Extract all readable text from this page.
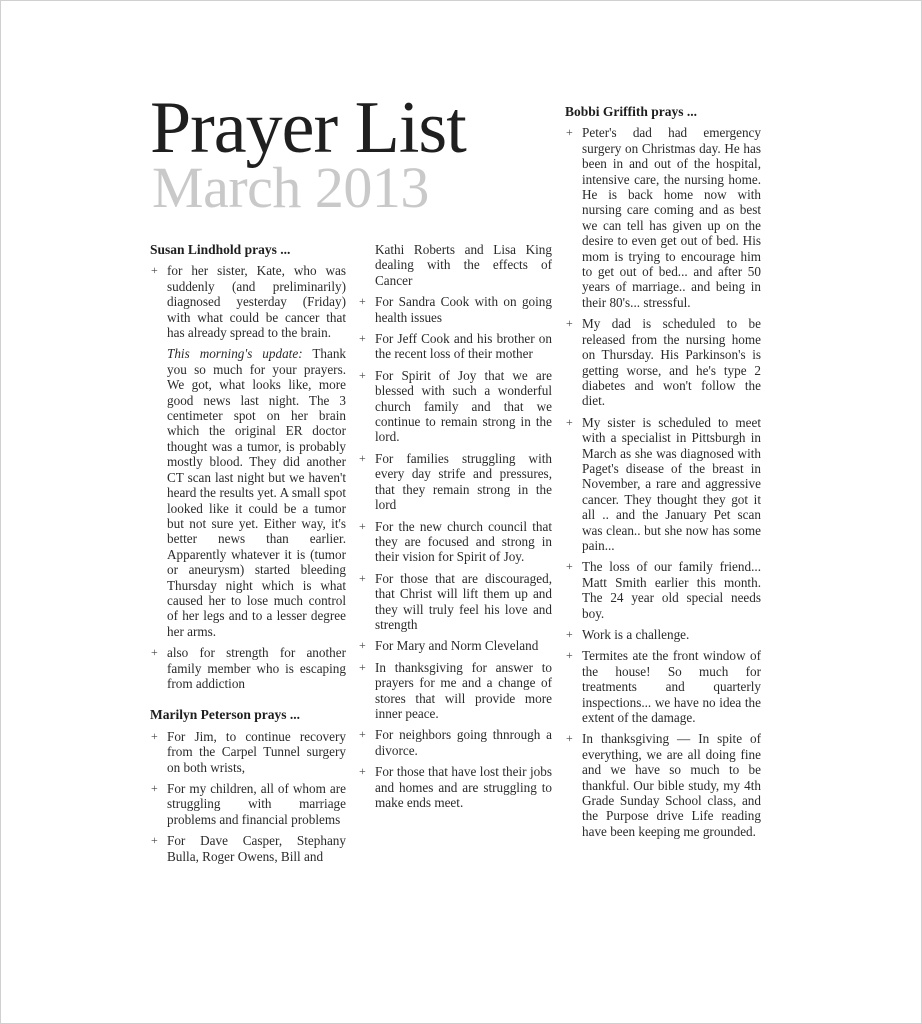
Prayer List
March 2013
Susan Lindhold prays ...
+ for her sister, Kate, who was suddenly (and preliminarily) diagnosed yesterday (Friday) with what could be cancer that has already spread to the brain.
This morning's update: Thank you so much for your prayers. We got, what looks like, more good news last night. The 3 centimeter spot on her brain which the original ER doctor thought was a tumor, is probably mostly blood. They did another CT scan last night but we haven't heard the results yet. A small spot looked like it could be a tumor but not sure yet. Either way, it's better news than earlier. Apparently whatever it is (tumor or aneurysm) started bleeding Thursday night which is what caused her to lose much control of her legs and to a lesser degree her arms.
+ also for strength for another family member who is escaping from addiction
Marilyn Peterson prays ...
+ For Jim, to continue recovery from the Carpel Tunnel surgery on both wrists,
+ For my children, all of whom are struggling with marriage problems and financial problems
+ For Dave Casper, Stephany Bulla, Roger Owens, Bill and
Kathi Roberts and Lisa King dealing with the effects of Cancer
+ For Sandra Cook with on going health issues
+ For Jeff Cook and his brother on the recent loss of their mother
+ For Spirit of Joy that we are blessed with such a wonderful church family and that we continue to remain strong in the lord.
+ For families struggling with every day strife and pressures, that they remain strong in the lord
+ For the new church council that they are focused and strong in their vision for Spirit of Joy.
+ For those that are discouraged, that Christ will lift them up and they will truly feel his love and strength
+ For Mary and Norm Cleveland
+ In thanksgiving for answer to prayers for me and a change of stores that will provide more inner peace.
+ For neighbors going thnrough a divorce.
+ For those that have lost their jobs and homes and are struggling to make ends meet.
Bobbi Griffith prays ...
+ Peter's dad had emergency surgery on Christmas day. He has been in and out of the hospital, intensive care, the nursing home. He is back home now with nursing care coming and as best we can tell has given up on the desire to even get out of bed. His mom is trying to encourage him to get out of bed... and after 50 years of marriage.. and being in their 80's... stressful.
+ My dad is scheduled to be released from the nursing home on Thursday. His Parkinson's is getting worse, and he's type 2 diabetes and won't follow the diet.
+ My sister is scheduled to meet with a specialist in Pittsburgh in March as she was diagnosed with Paget's disease of the breast in November, a rare and aggressive cancer. They thought they got it all .. and the January Pet scan was clean.. but she now has some pain...
+ The loss of our family friend... Matt Smith earlier this month. The 24 year old special needs boy.
+ Work is a challenge.
+ Termites ate the front window of the house! So much for treatments and quarterly inspections... we have no idea the extent of the damage.
+ In thanksgiving — In spite of everything, we are all doing fine and we have so much to be thankful. Our bible study, my 4th Grade Sunday School class, and the Purpose drive Life reading have been keeping me grounded.
